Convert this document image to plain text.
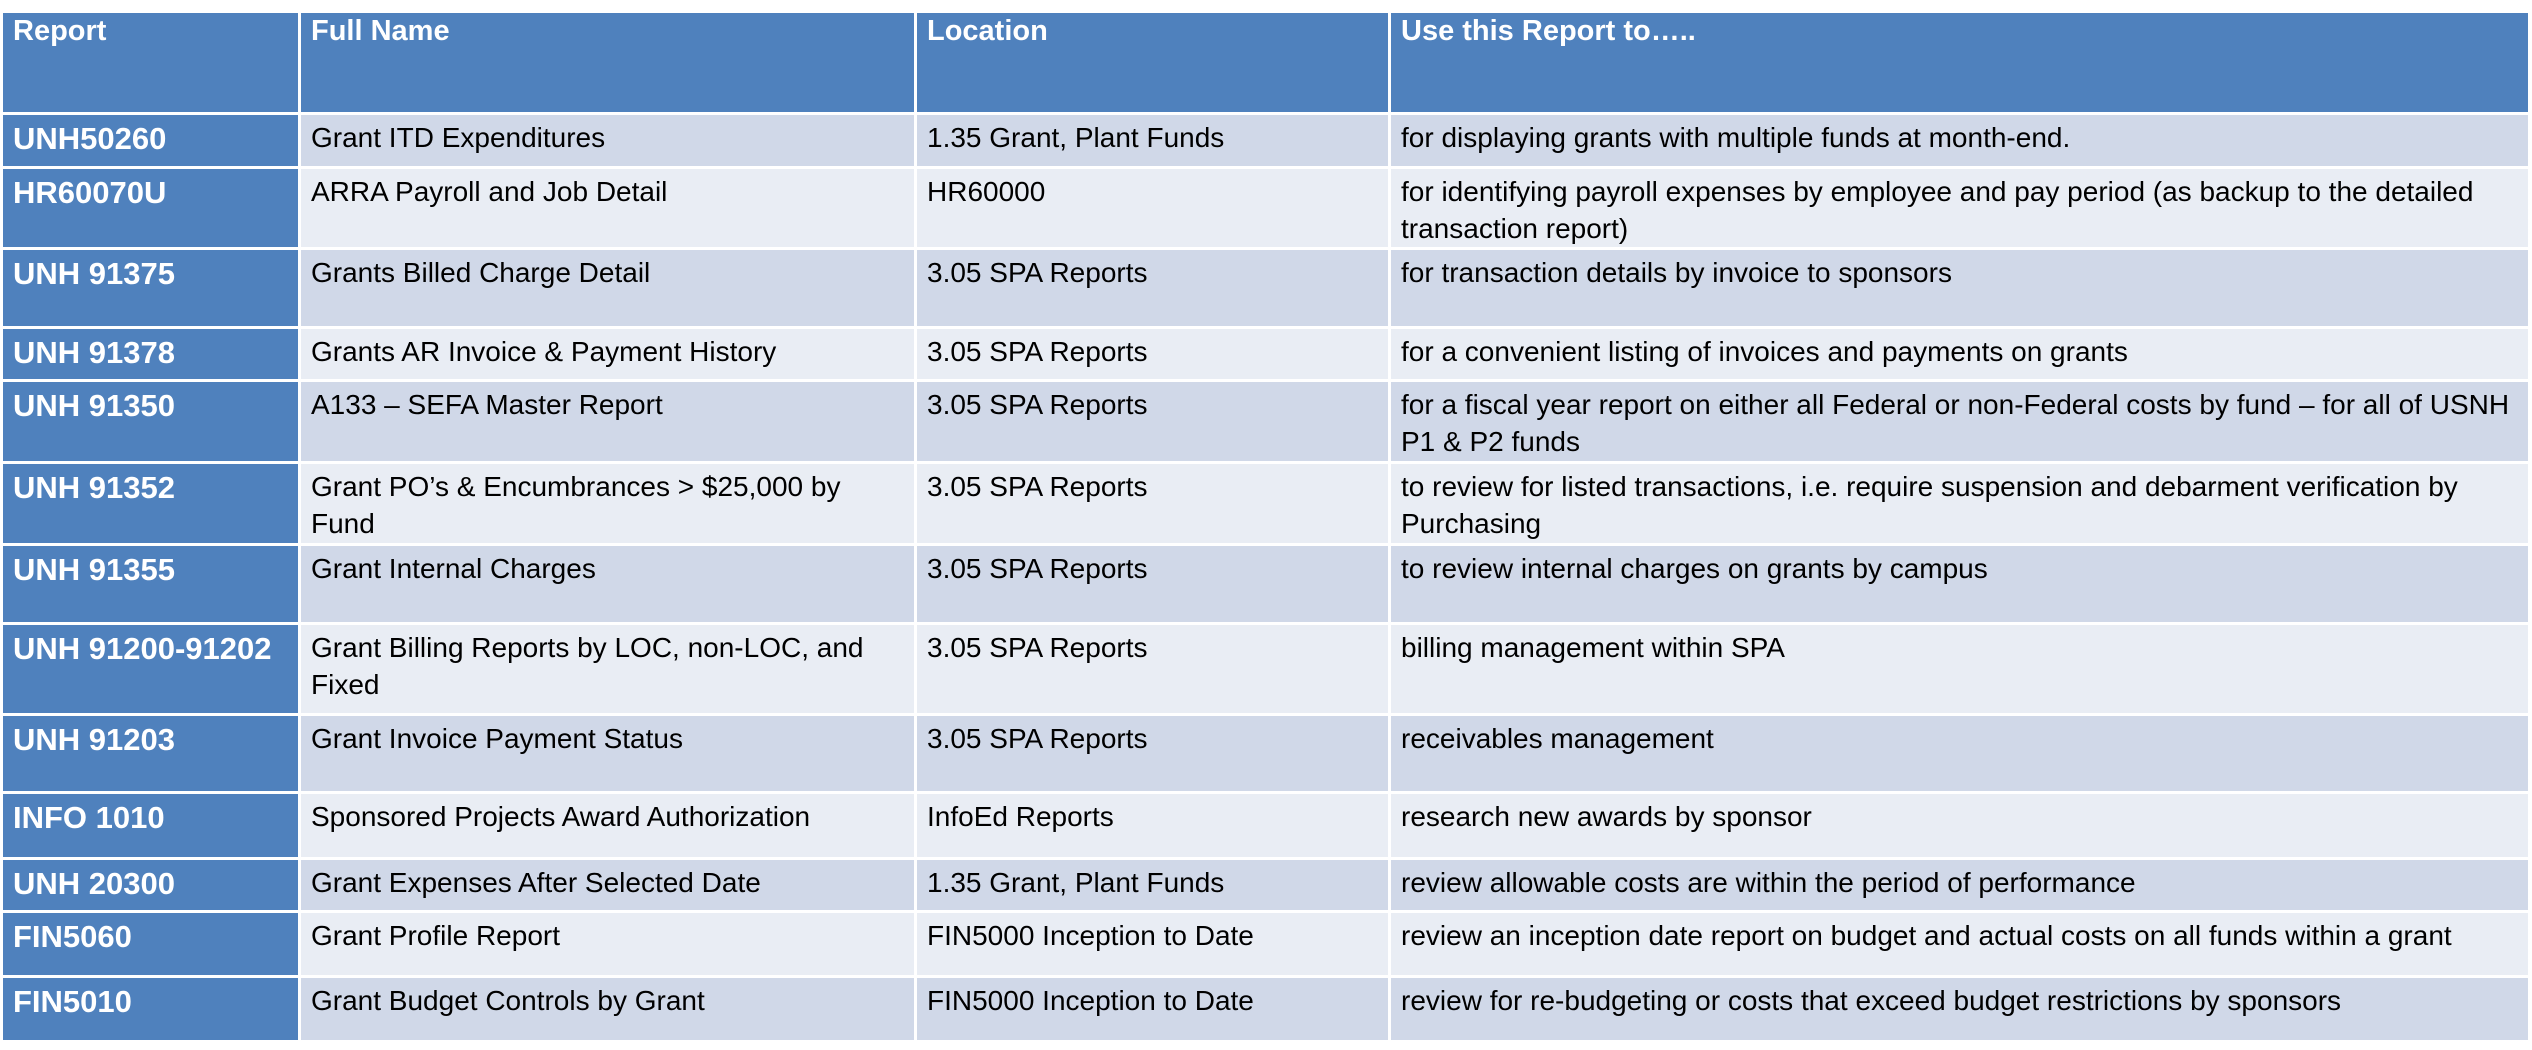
Report	Full Name	Location	Use this Report to…..
UNH50260	Grant ITD Expenditures	1.35 Grant, Plant Funds	for displaying grants with multiple funds at month-end.
HR60070U	ARRA Payroll and Job Detail	HR60000	for identifying payroll expenses by employee and pay period (as backup to the detailed transaction report)
UNH 91375	Grants Billed Charge Detail	3.05 SPA Reports	for transaction details by invoice to sponsors
UNH 91378	Grants AR Invoice & Payment History	3.05 SPA Reports	for a convenient listing of invoices and payments on grants
UNH 91350	A133 – SEFA Master Report	3.05 SPA Reports	for a fiscal year report on either all Federal or non-Federal costs by fund – for all of USNH P1 & P2 funds
UNH 91352	Grant PO’s & Encumbrances > $25,000 by Fund	3.05 SPA Reports	to review for listed transactions, i.e. require suspension and debarment verification by Purchasing
UNH 91355	Grant Internal Charges	3.05 SPA Reports	to review internal charges on grants by campus
UNH 91200-91202	Grant Billing Reports by LOC, non-LOC, and Fixed	3.05 SPA Reports	billing management within SPA
UNH 91203	Grant Invoice Payment Status	3.05 SPA Reports	receivables management
INFO 1010	Sponsored Projects Award Authorization	InfoEd Reports	research new awards by sponsor
UNH 20300	Grant Expenses After Selected Date	1.35 Grant, Plant Funds	review allowable costs are within the period of performance
FIN5060	Grant Profile Report	FIN5000 Inception to Date	review an inception date report on budget and actual costs on all funds within a grant
FIN5010	Grant Budget Controls by Grant	FIN5000 Inception to Date	review for re-budgeting or costs that exceed budget restrictions by sponsors
